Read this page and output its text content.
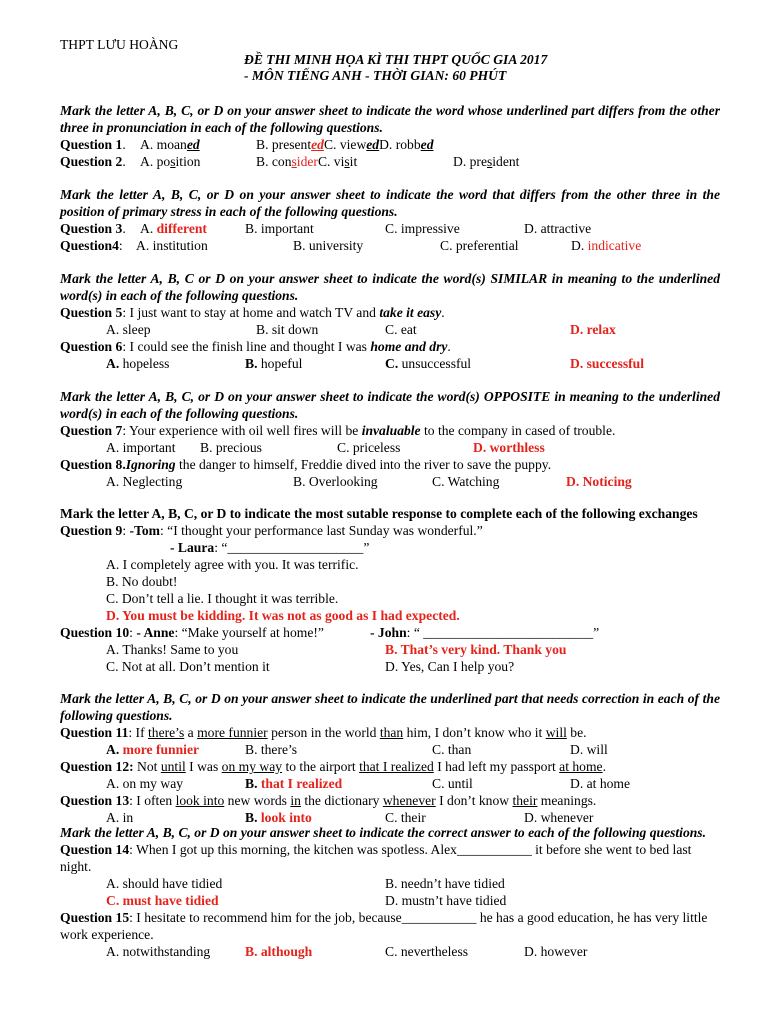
THPT LƯU HOÀNG
ĐỀ THI MINH HỌA KÌ THI THPT QUỐC GIA 2017
- MÔN TIẾNG ANH - THỜI GIAN: 60 PHÚT
Mark the letter A, B, C, or D on your answer sheet to indicate the word whose underlined part differs from the other three in pronunciation in each of the following questions.
Question 1. A. moaned	B. presentedC. viewedD. robbed
Question 2. A. position	B. considerC. visit	D. president
Mark the letter A, B, C, or D on your answer sheet to indicate the word that differs from the other three in the position of primary stress in each of the following questions.
Question 3. A. different	B. important	C. impressive	D. attractive
Question4: A. institution	B. university	C. preferential	D. indicative
Mark the letter A, B, C or D on your answer sheet to indicate the word(s) SIMILAR in meaning to the underlined word(s) in each of the following questions.
Question 5: I just want to stay at home and watch TV and take it easy.
A. sleep	B. sit down	C. eat	D. relax
Question 6: I could see the finish line and thought I was home and dry.
A. hopeless	B. hopeful	C. unsuccessful	D. successful
Mark the letter A, B, C, or D on your answer sheet to indicate the word(s) OPPOSITE in meaning to the underlined word(s) in each of the following questions.
Question 7: Your experience with oil well fires will be invaluable to the company in cased of trouble.
A. important B. precious	C. priceless	D. worthless
Question 8.Ignoring the danger to himself, Freddie dived into the river to save the puppy.
A. Neglecting	B. Overlooking	C. Watching	D. Noticing
Mark the letter A, B, C, or D to indicate the most sutable response to complete each of the following exchanges
Question 9: -Tom: “I thought your performance last Sunday was wonderful.”
- Laura: “____________________”
A. I completely agree with you. It was terrific.
B. No doubt!
C. Don’t tell a lie. I thought it was terrible.
D. You must be kidding. It was not as good as I had expected.
Question 10: - Anne: “Make yourself at home!”	- John: “ _________________________”
A. Thanks! Same to you	B. That’s very kind. Thank you
C. Not at all. Don’t mention it	D. Yes, Can I help you?
Mark the letter A, B, C, or D on your answer sheet to indicate the underlined part that needs correction in each of the following questions.
Question 11: If there’s a more funnier person in the world than him, I don’t know who it will be.
A. more funnier	B. there’s	C. than	D. will
Question 12: Not until I was on my way to the airport that I realized I had left my passport at home.
A. on my way	B. that I realized	C. until	D. at home
Question 13: I often look into new words in the dictionary whenever I don’t know their meanings.
A. in	B. look into	C. their	D. whenever
Mark the letter A, B, C, or D on your answer sheet to indicate the correct answer to each of the following questions.
Question 14: When I got up this morning, the kitchen was spotless. Alex___________ it before she went to bed last night.
A. should have tidied	B. needn’t have tidied
C. must have tidied	D. mustn’t have tidied
Question 15: I hesitate to recommend him for the job, because___________ he has a good education, he has very little work experience.
A. notwithstanding	B. although	C. nevertheless	D. however
